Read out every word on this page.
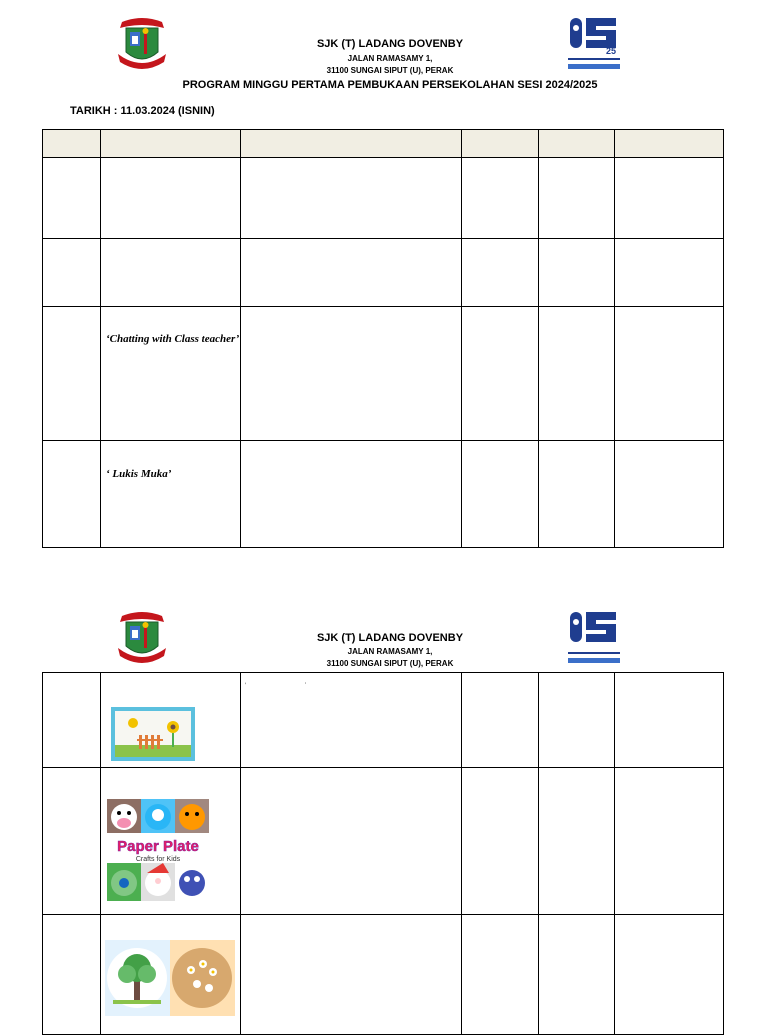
25
SJK (T) LADANG DOVENBY
JALAN RAMASAMY 1,
31100 SUNGAI SIPUT (U), PERAK
PROGRAM MINGGU PERTAMA PEMBUKAAN PERSEKOLAHAN SESI 2024/2025
TARIKH : 11.03.2024 (ISNIN)

	‘Chatting with Class teacher’				

	‘ Lukis Muka’				

SJK (T) LADANG DOVENBY
JALAN RAMASAMY 1,
31100 SUNGAI SIPUT (U), PERAK

‘                                   ’			

Paper Plate
Crafts for Kids				
